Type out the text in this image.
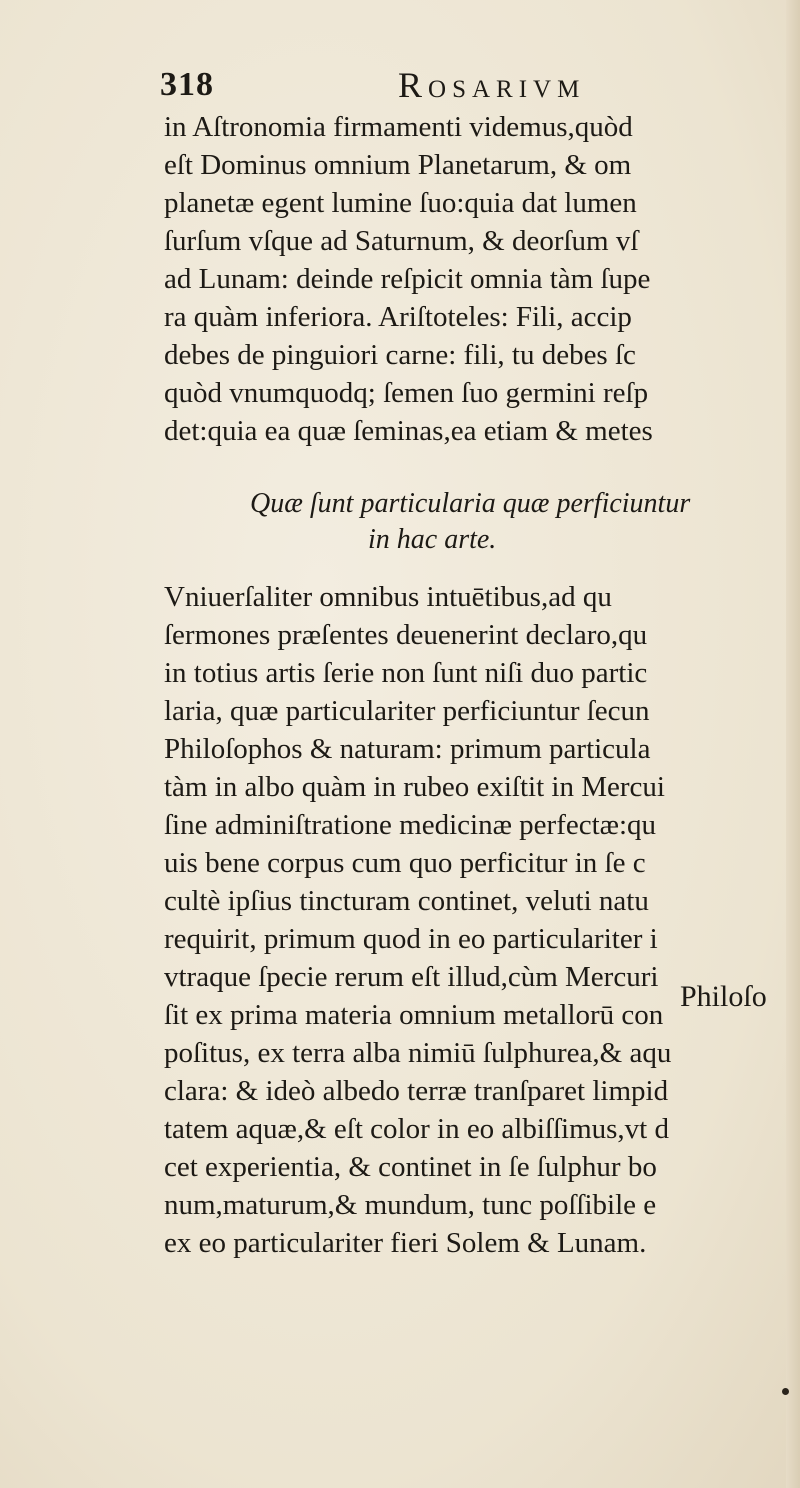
318	Rosarivm
in Aſtronomia firmamenti videmus,quòd
eſt Dominus omnium Planetarum, & om
planetæ egent lumine ſuo:quia dat lumen
ſurſum vſque ad Saturnum, & deorſum vſ
ad Lunam: deinde reſpicit omnia tàm ſupe
ra quàm inferiora. Ariſtoteles: Fili, accip
debes de pinguiori carne: fili, tu debes ſc
quòd vnumquodq; ſemen ſuo germini reſp
det:quia ea quæ ſeminas,ea etiam & metes
Quæ ſunt particularia quæ perficiuntur
in hac arte.
Vniuerſaliter omnibus intuētibus,ad qu
ſermones præſentes deuenerint declaro,qu
in totius artis ſerie non ſunt niſi duo partic
laria, quæ particulariter perficiuntur ſecun
Philoſophos & naturam: primum particula
tàm in albo quàm in rubeo exiſtit in Mercui
ſine adminiſtratione medicinæ perfectæ:qu
uis bene corpus cum quo perficitur in ſe c
cultè ipſius tincturam continet, veluti natu
requirit, primum quod in eo particulariter i
vtraque ſpecie rerum eſt illud,cùm Mercuri
ſit ex prima materia omnium metallorū con
poſitus, ex terra alba nimiū ſulphurea,& aqu
clara: & ideò albedo terræ tranſparet limpid
tatem aquæ,& eſt color in eo albiſſimus,vt d
cet experientia, & continet in ſe ſulphur bo
num,maturum,& mundum, tunc poſſibile e
ex eo particulariter fieri Solem & Lunam.
Philoſo
